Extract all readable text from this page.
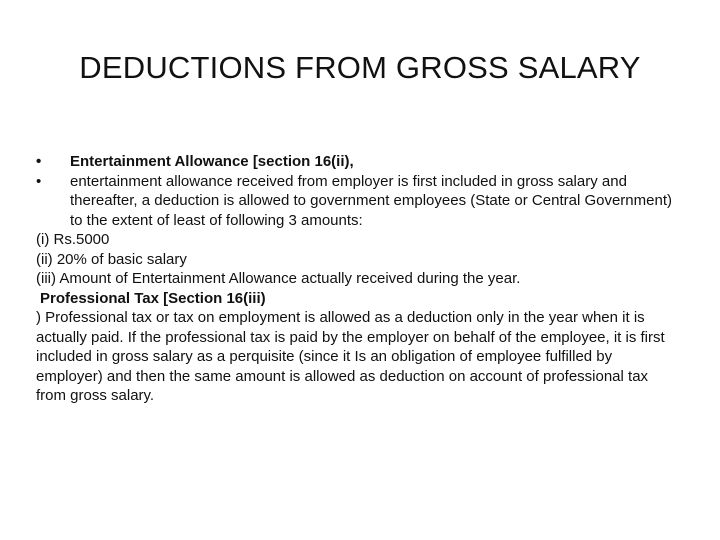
DEDUCTIONS FROM GROSS SALARY
•	Entertainment Allowance [section 16(ii),
•	entertainment allowance received from employer is first included in gross salary and thereafter, a deduction is allowed to government employees (State or Central Government) to the extent of least of following 3 amounts:
(i) Rs.5000
(ii) 20% of basic salary
(iii) Amount of Entertainment Allowance actually received during the year.
Professional Tax [Section 16(iii)
) Professional tax or tax on employment is allowed as a deduction only in the year when it is actually paid. If the professional tax is paid by the employer on behalf of the employee, it is first included in gross salary as a perquisite (since it Is an obligation of employee fulfilled by employer) and then the same amount is allowed as deduction on account of professional tax from gross salary.
